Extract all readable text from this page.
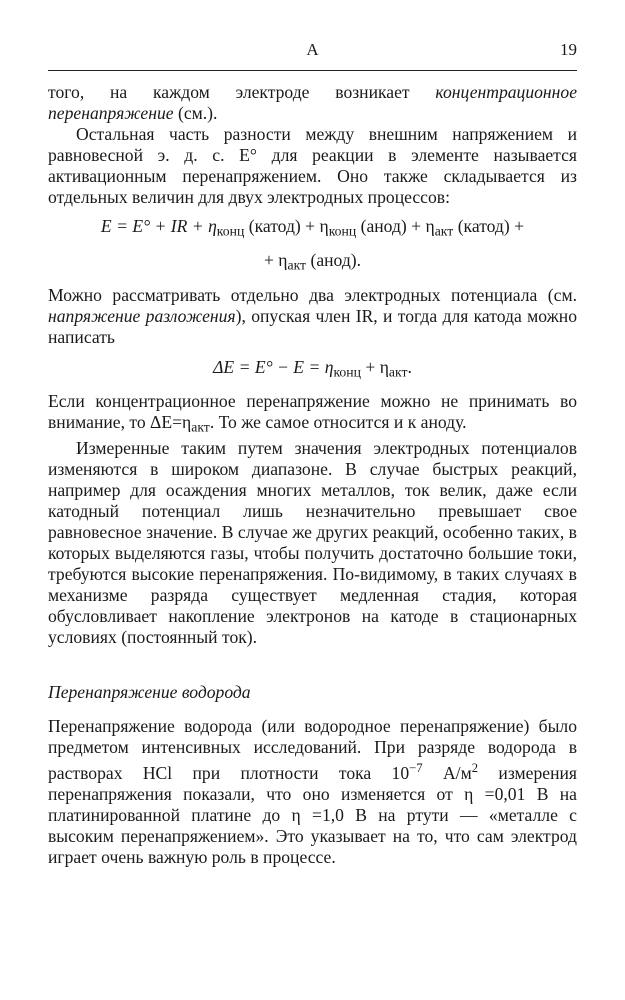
А	19

того, на каждом электроде возникает концентрационное перенапряжение (см.).

Остальная часть разности между внешним напряжением и равновесной э. д. с. E° для реакции в элементе называется активационным перенапряжением. Оно также складывается из отдельных величин для двух электродных процессов:

E = E° + IR + $\eta_{конц}$ (катод) + $\eta_{конц}$ (анод) + $\eta_{акт}$ (катод) +
+ $\eta_{акт}$ (анод).

Можно рассматривать отдельно два электродных потенциала (см. напряжение разложения), опуская член IR, и тогда для катода можно написать

$\Delta E = E^\circ - E = \eta_{конц} + \eta_{акт}$.

Если концентрационное перенапряжение можно не принимать во внимание, то $\Delta E=\eta_{акт}$. То же самое относится и к аноду.

Измеренные таким путем значения электродных потенциалов изменяются в широком диапазоне. В случае быстрых реакций, например для осаждения многих металлов, ток велик, даже если катодный потенциал лишь незначительно превышает свое равновесное значение. В случае же других реакций, особенно таких, в которых выделяются газы, чтобы получить достаточно большие токи, требуются высокие перенапряжения. По-видимому, в таких случаях в механизме разряда существует медленная стадия, которая обусловливает накопление электронов на катоде в стационарных условиях (постоянный ток).

Перенапряжение водорода

Перенапряжение водорода (или водородное перенапряжение) было предметом интенсивных исследований. При разряде водорода в растворах HCl при плотности тока $10^{-7}$ $А/м^2$ измерения перенапряжения показали, что оно изменяется от η =0,01 В на платинированной платине до η =1,0 В на ртути — «металле с высоким перенапряжением». Это указывает на то, что сам электрод играет очень важную роль в процессе.
